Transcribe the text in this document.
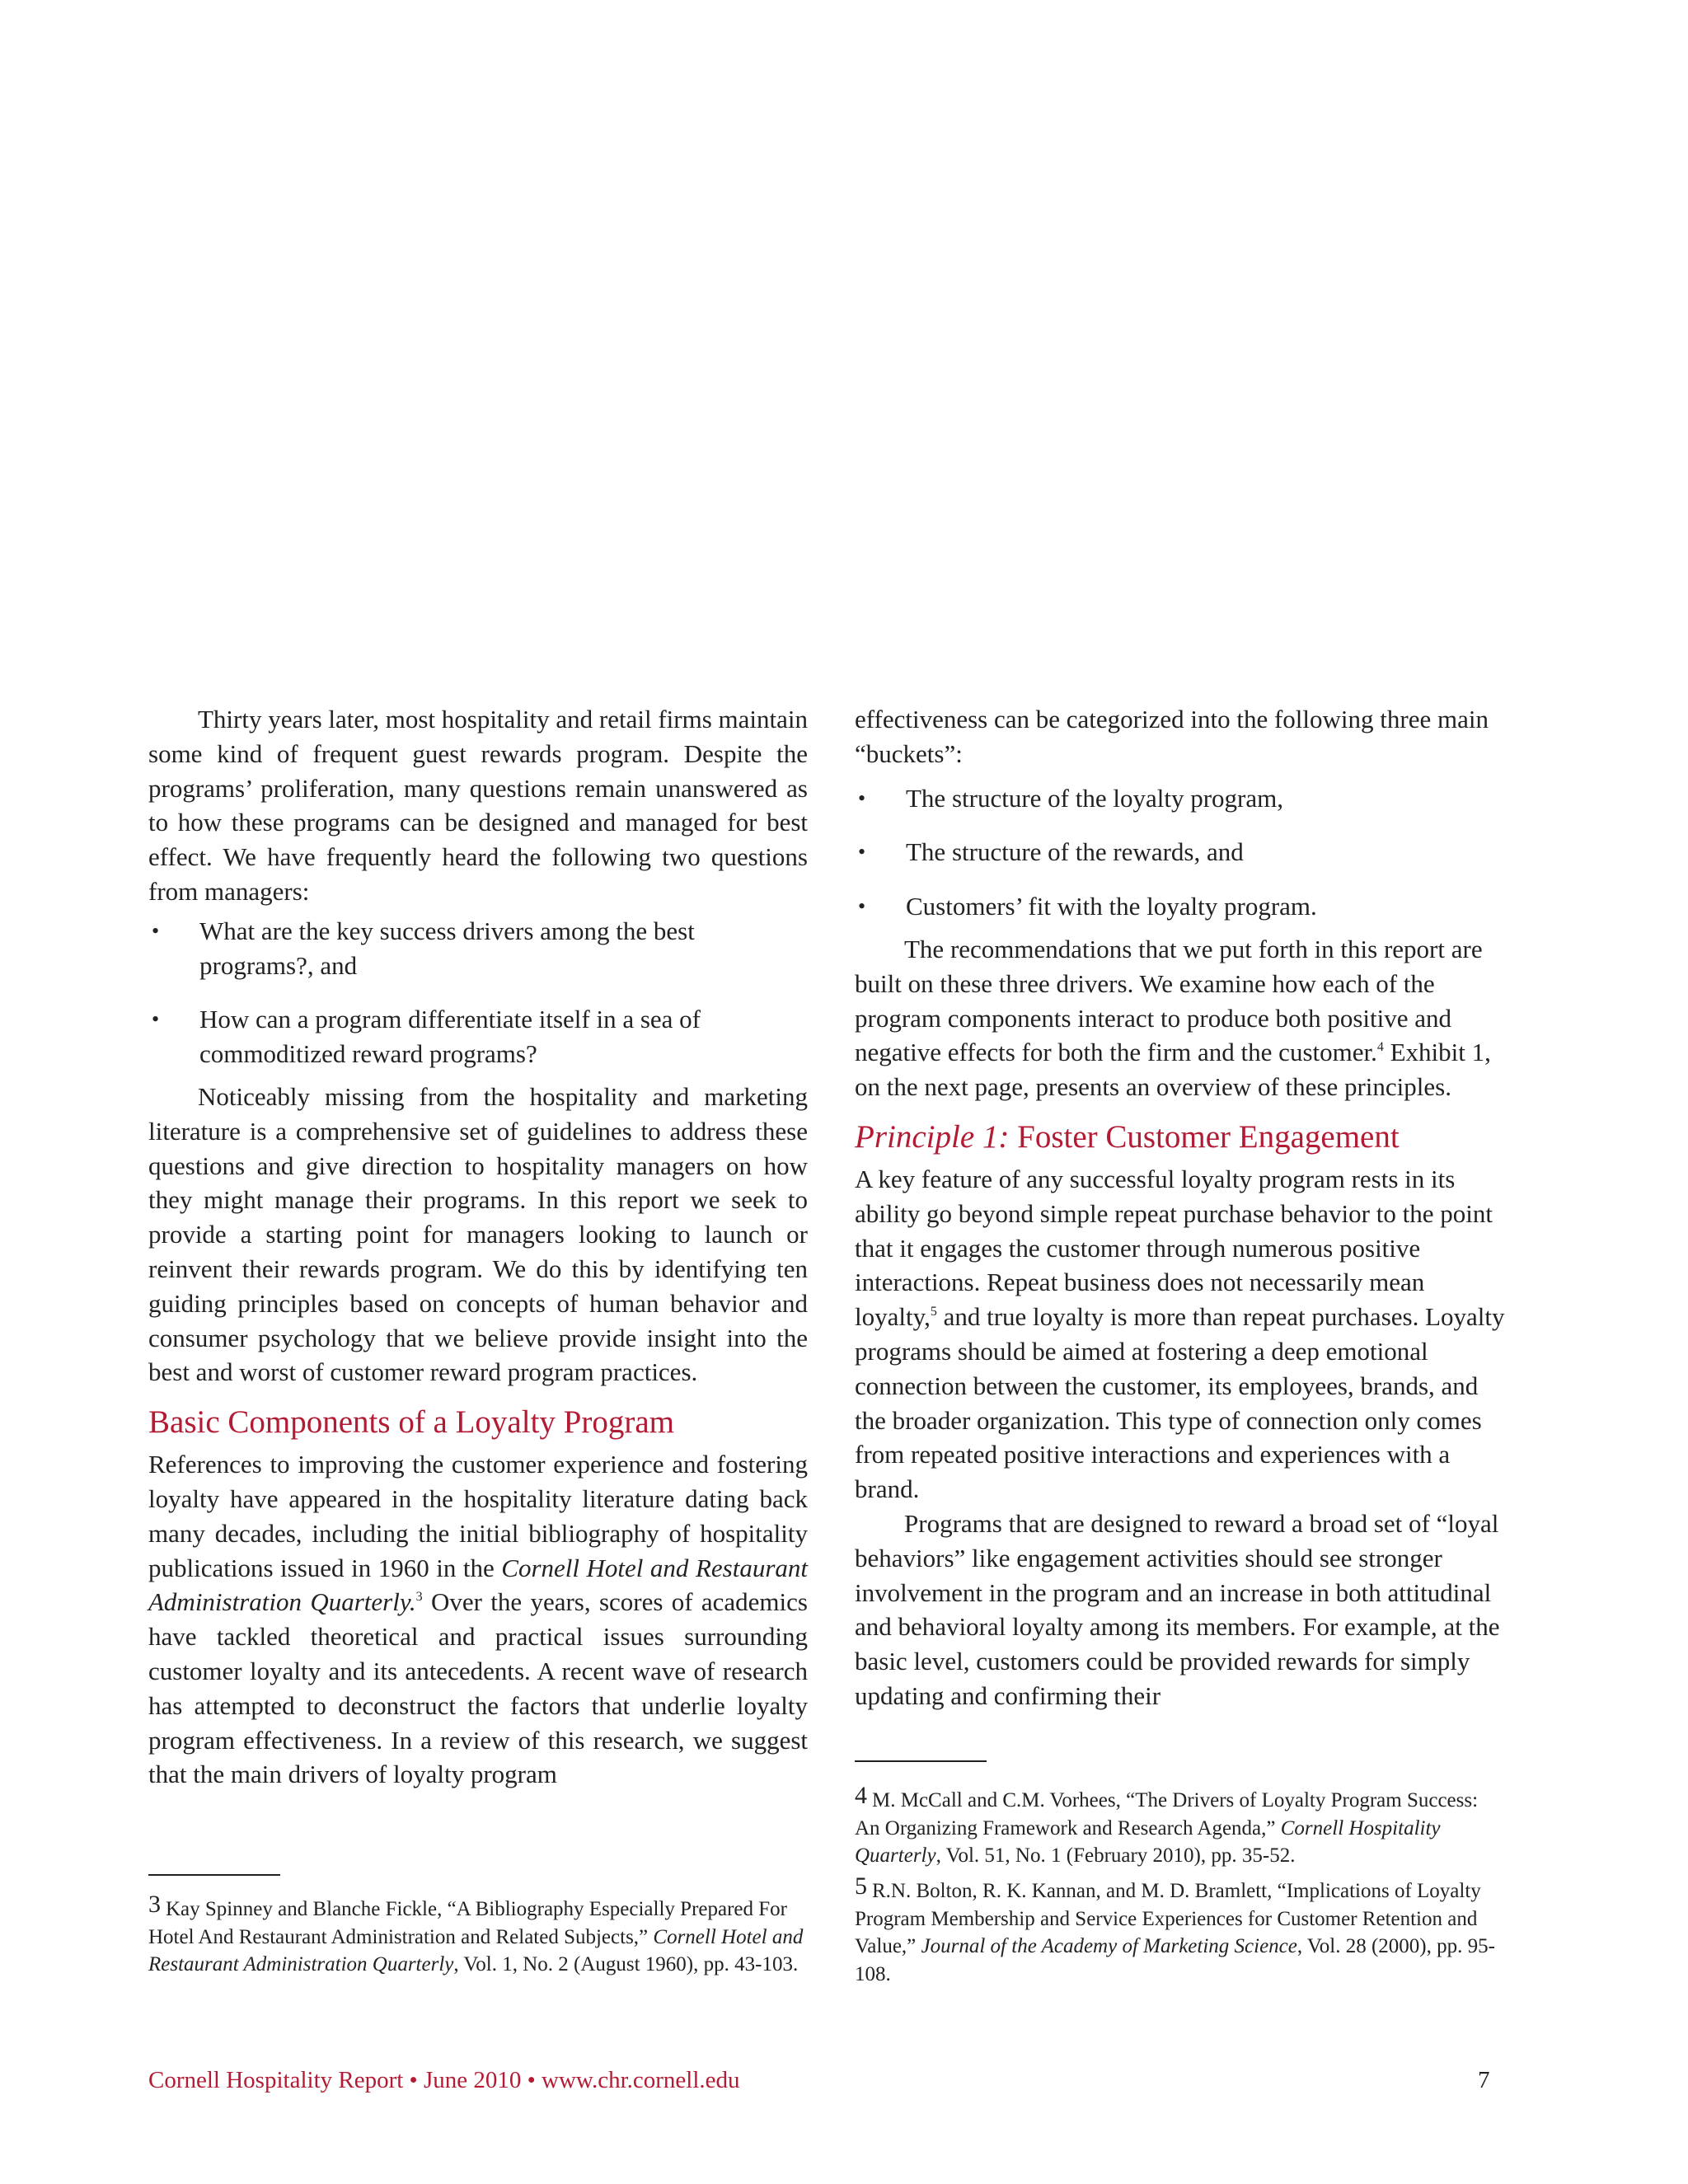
Thirty years later, most hospitality and retail firms maintain some kind of frequent guest rewards program. Despite the programs’ proliferation, many questions remain unanswered as to how these programs can be designed and managed for best effect. We have frequently heard the following two questions from managers:

• What are the key success drivers among the best programs?, and
• How can a program differentiate itself in a sea of commoditized reward programs?

Noticeably missing from the hospitality and marketing literature is a comprehensive set of guidelines to address these questions and give direction to hospitality managers on how they might manage their programs. In this report we seek to provide a starting point for managers looking to launch or reinvent their rewards program. We do this by identifying ten guiding principles based on concepts of human behavior and consumer psychology that we believe provide insight into the best and worst of customer reward program practices.

Basic Components of a Loyalty Program

References to improving the customer experience and fostering loyalty have appeared in the hospitality literature dating back many decades, including the initial bibliography of hospitality publications issued in 1960 in the Cornell Hotel and Restaurant Administration Quarterly.$^3$ Over the years, scores of academics have tackled theoretical and practical issues surrounding customer loyalty and its antecedents. A recent wave of research has attempted to deconstruct the factors that underlie loyalty program effectiveness. In a review of this research, we suggest that the main drivers of loyalty program

effectiveness can be categorized into the following three main “buckets”:

• The structure of the loyalty program,
• The structure of the rewards, and
• Customers’ fit with the loyalty program.

The recommendations that we put forth in this report are built on these three drivers. We examine how each of the program components interact to produce both positive and negative effects for both the firm and the customer.$^4$ Exhibit 1, on the next page, presents an overview of these principles.

Principle 1: Foster Customer Engagement

A key feature of any successful loyalty program rests in its ability go beyond simple repeat purchase behavior to the point that it engages the customer through numerous positive interactions. Repeat business does not necessarily mean loyalty,$^5$ and true loyalty is more than repeat purchases. Loyalty programs should be aimed at fostering a deep emotional connection between the customer, its employees, brands, and the broader organization. This type of connection only comes from repeated positive interactions and experiences with a brand.

Programs that are designed to reward a broad set of “loyal behaviors” like engagement activities should see stronger involvement in the program and an increase in both attitudinal and behavioral loyalty among its members. For example, at the basic level, customers could be provided rewards for simply updating and confirming their

3 Kay Spinney and Blanche Fickle, “A Bibliography Especially Prepared For Hotel And Restaurant Administration and Related Subjects,” Cornell Hotel and Restaurant Administration Quarterly, Vol. 1, No. 2 (August 1960), pp. 43-103.
4 M. McCall and C.M. Vorhees, “The Drivers of Loyalty Program Success: An Organizing Framework and Research Agenda,” Cornell Hospitality Quarterly, Vol. 51, No. 1 (February 2010), pp. 35-52.
5 R.N. Bolton, R. K. Kannan, and M. D. Bramlett, “Implications of Loyalty Program Membership and Service Experiences for Customer Retention and Value,” Journal of the Academy of Marketing Science, Vol. 28 (2000), pp. 95-108.
Cornell Hospitality Report • June 2010 • www.chr.cornell.edu	7
